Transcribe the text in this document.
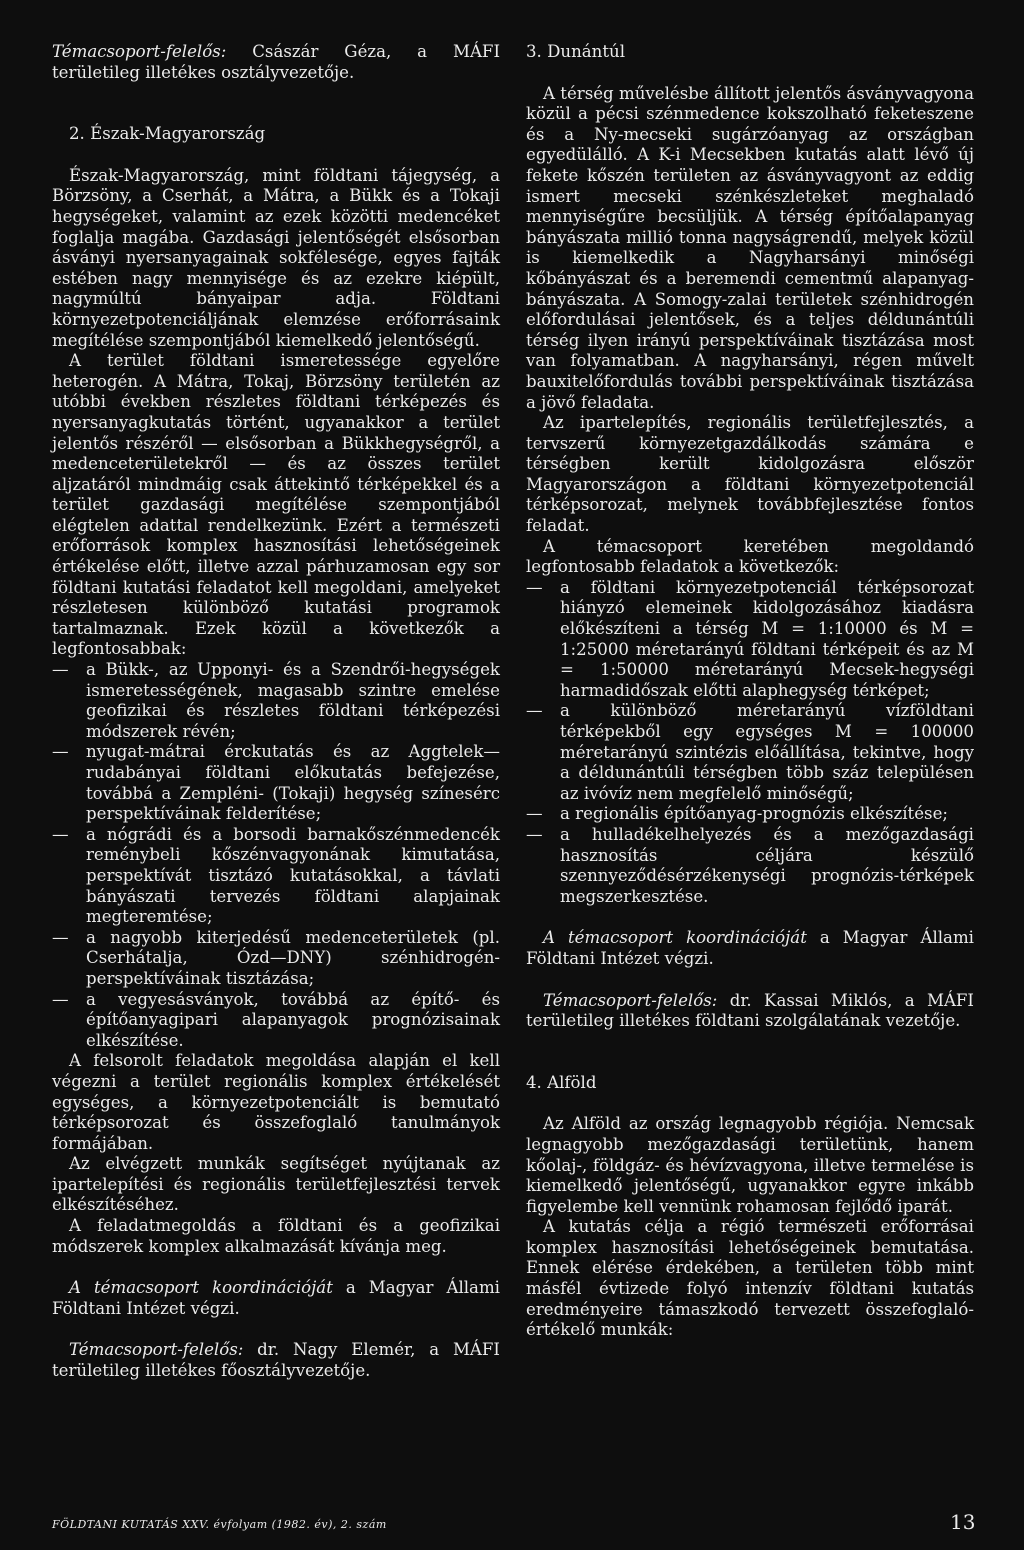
Témacsoport-felelős: Császár Géza, a MÁFI területileg illetékes osztályvezetője.

2. Észak-Magyarország

Észak-Magyarország, mint földtani tájegység, a Börzsöny, a Cserhát, a Mátra, a Bükk és a Tokaji hegységeket, valamint az ezek közötti medencéket foglalja magába. Gazdasági jelentőségét elsősorban ásványi nyersanyagainak sokfélesége, egyes fajták estében nagy mennyisége és az ezekre kiépült, nagymúltú bányaipar adja. Földtani környezetpotenciáljának elemzése erőforrásaink megítélése szempontjából kiemelkedő jelentőségű.

A terület földtani ismeretessége egyelőre heterogén. A Mátra, Tokaj, Börzsöny területén az utóbbi években részletes földtani térképezés és nyersanyagkutatás történt, ugyanakkor a terület jelentős részéről — elsősorban a Bükkhegységről, a medenceterületekről — és az összes terület aljzatáról mindmáig csak áttekintő térképekkel és a terület gazdasági megítélése szempontjából elégtelen adattal rendelkezünk. Ezért a természeti erőforrások komplex hasznosítási lehetőségeinek értékelése előtt, illetve azzal párhuzamosan egy sor földtani kutatási feladatot kell megoldani, amelyeket részletesen különböző kutatási programok tartalmaznak. Ezek közül a következők a legfontosabbak:

— a Bükk-, az Upponyi- és a Szendrői-hegységek ismeretességének, magasabb szintre emelése geofizikai és részletes földtani térképezési módszerek révén;
— nyugat-mátrai érckutatás és az Aggtelek—rudabányai földtani előkutatás befejezése, továbbá a Zempléni- (Tokaji) hegység színesérc perspektíváinak felderítése;
— a nógrádi és a borsodi barnakőszénmedencék reménybeli kőszénvagyonának kimutatása, perspektívát tisztázó kutatásokkal, a távlati bányászati tervezés földtani alapjainak megteremtése;
— a nagyobb kiterjedésű medenceterületek (pl. Cserhátalja, Ózd—DNY) szénhidrogén-perspektíváinak tisztázása;
— a vegyesásványok, továbbá az építő- és építőanyagipari alapanyagok prognózisainak elkészítése.

A felsorolt feladatok megoldása alapján el kell végezni a terület regionális komplex értékelését egységes, a környezetpotenciált is bemutató térképsorozat és összefoglaló tanulmányok formájában.

Az elvégzett munkák segítséget nyújtanak az ipartelepítési és regionális területfejlesztési tervek elkészítéséhez.

A feladatmegoldás a földtani és a geofizikai módszerek komplex alkalmazását kívánja meg.

A témacsoport koordinációját a Magyar Állami Földtani Intézet végzi.

Témacsoport-felelős: dr. Nagy Elemér, a MÁFI területileg illetékes főosztályvezetője.

3. Dunántúl

A térség művelésbe állított jelentős ásványvagyona közül a pécsi szénmedence kokszolható feketeszene és a Ny-mecseki sugárzóanyag az országban egyedülálló. A K-i Mecsekben kutatás alatt lévő új fekete kőszén területen az ásványvagyont az eddig ismert mecseki szénkészleteket meghaladó mennyiségűre becsüljük. A térség építőalapanyag bányászata millió tonna nagyságrendű, melyek közül is kiemelkedik a Nagyharsányi minőségi kőbányászat és a beremendi cementmű alapanyag-bányászata. A Somogy-zalai területek szénhidrogén előfordulásai jelentősek, és a teljes déldunántúli térség ilyen irányú perspektíváinak tisztázása most van folyamatban. A nagyharsányi, régen művelt bauxitelőfordulás további perspektíváinak tisztázása a jövő feladata.

Az ipartelepítés, regionális területfejlesztés, a tervszerű környezetgazdálkodás számára e térségben került kidolgozásra először Magyarországon a földtani környezetpotenciál térképsorozat, melynek továbbfejlesztése fontos feladat.

A témacsoport keretében megoldandó legfontosabb feladatok a következők:

— a földtani környezetpotenciál térképsorozat hiányzó elemeinek kidolgozásához kiadásra előkészíteni a térség M = 1:10000 és M = 1:25000 méretarányú földtani térképeit és az M = 1:50000 méretarányú Mecsek-hegységi harmadidőszak előtti alaphegység térképet;
— a különböző méretarányú vízföldtani térképekből egy egységes M = 100000 méretarányú szintézis előállítása, tekintve, hogy a déldunántúli térségben több száz településen az ivóvíz nem megfelelő minőségű;
— a regionális építőanyag-prognózis elkészítése;
— a hulladékelhelyezés és a mezőgazdasági hasznosítás céljára készülő szennyeződésérzékenységi prognózis-térképek megszerkesztése.

A témacsoport koordinációját a Magyar Állami Földtani Intézet végzi.

Témacsoport-felelős: dr. Kassai Miklós, a MÁFI területileg illetékes földtani szolgálatának vezetője.

4. Alföld

Az Alföld az ország legnagyobb régiója. Nemcsak legnagyobb mezőgazdasági területünk, hanem kőolaj-, földgáz- és hévízvagyona, illetve termelése is kiemelkedő jelentőségű, ugyanakkor egyre inkább figyelembe kell vennünk rohamosan fejlődő iparát.

A kutatás célja a régió természeti erőforrásai komplex hasznosítási lehetőségeinek bemutatása. Ennek elérése érdekében, a területen több mint másfél évtizede folyó intenzív földtani kutatás eredményeire támaszkodó tervezett összefoglaló-értékelő munkák:

FÖLDTANI KUTATÁS XXV. évfolyam (1982. év), 2. szám	13
